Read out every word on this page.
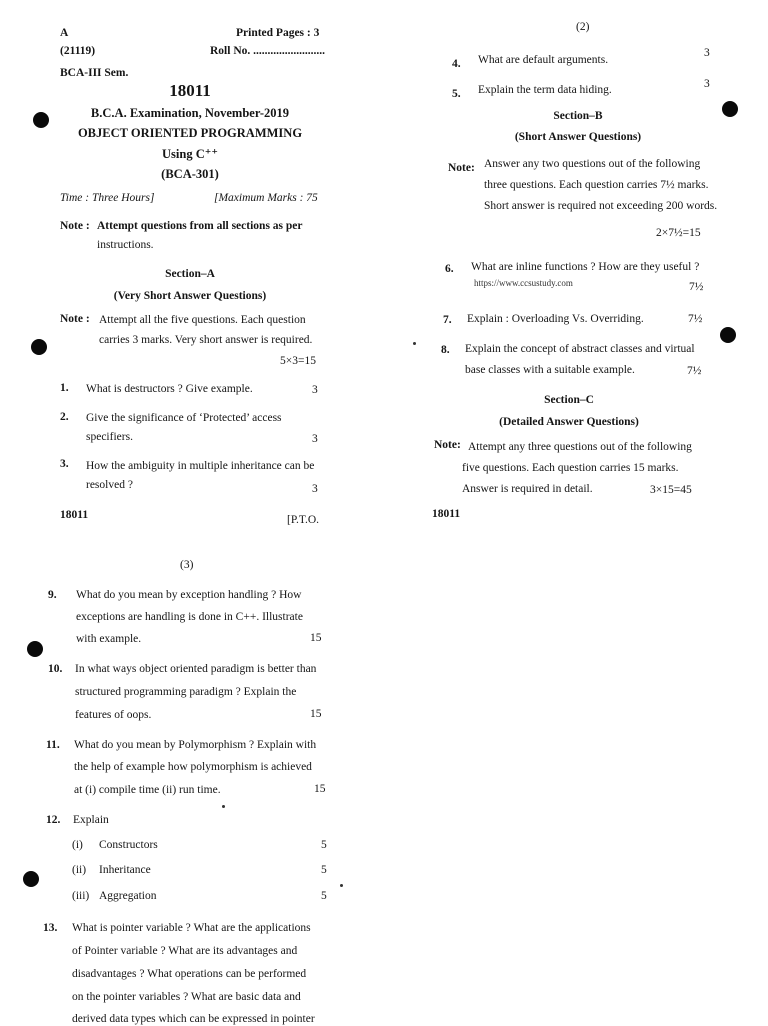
A	Printed Pages : 3
(21119)	Roll No. .........................
BCA-III Sem.
18011
B.C.A. Examination, November-2019
OBJECT ORIENTED PROGRAMMING
Using C⁺⁺
(BCA-301)
Time : Three Hours]	[Maximum Marks : 75
Note : Attempt questions from all sections as per
instructions.
Section–A
(Very Short Answer Questions)
Note : Attempt all the five questions. Each question
carries 3 marks. Very short answer is required.
5×3=15
1. What is destructors ? Give example.	3
2. Give the significance of ‘Protected’ access
specifiers.	3
3. How the ambiguity in multiple inheritance can be
resolved ?	3
18011	[P.T.O.
(2)
4. What are default arguments.
3
5. Explain the term data hiding.	3
Section–B
(Short Answer Questions)
Note: Answer any two questions out of the following
three questions. Each question carries 7½ marks.
Short answer is required not exceeding 200 words.
2×7½=15
6. What are inline functions ? How are they useful ?
https://www.ccsustudy.com	7½
7. Explain : Overloading Vs. Overriding.	7½
8. Explain the concept of abstract classes and virtual
base classes with a suitable example.	7½
Section–C
(Detailed Answer Questions)
Note: Attempt any three questions out of the following
five questions. Each question carries 15 marks.
Answer is required in detail.	3×15=45
18011
(3)
9. What do you mean by exception handling ? How
exceptions are handling is done in C++. Illustrate
with example.	15
10. In what ways object oriented paradigm is better than
structured programming paradigm ? Explain the
features of oops.	15
11. What do you mean by Polymorphism ? Explain with
the help of example how polymorphism is achieved
at (i) compile time (ii) run time.	15
12. Explain
(i) Constructors	5
(ii) Inheritance	5
(iii) Aggregation	5
13. What is pointer variable ? What are the applications
of Pointer variable ? What are its advantages and
disadvantages ? What operations can be performed
on the pointer variables ? What are basic data and
derived data types which can be expressed in pointer
